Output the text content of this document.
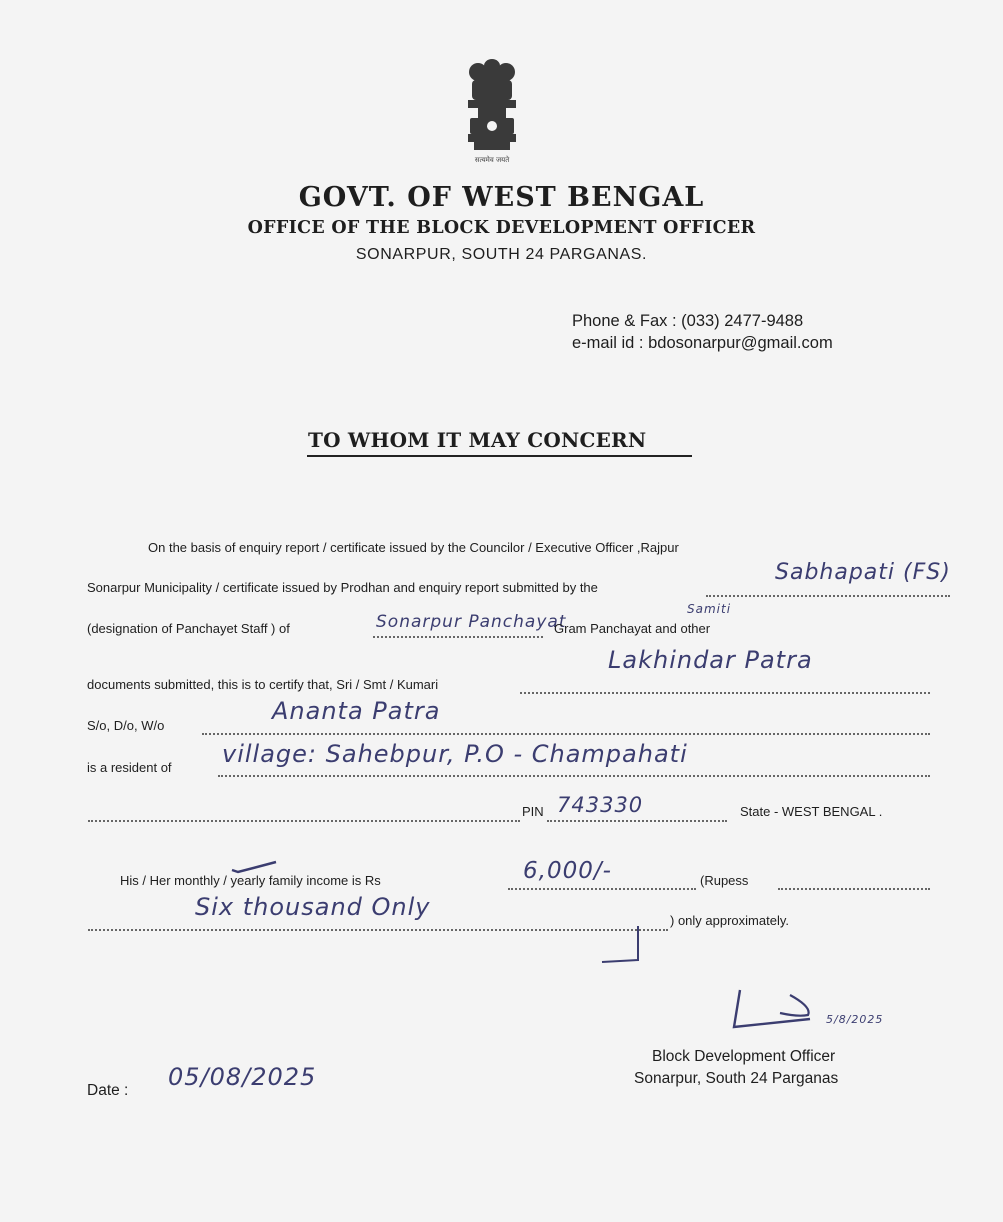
सत्यमेव जयते
GOVT. OF WEST BENGAL
OFFICE OF THE BLOCK DEVELOPMENT OFFICER
SONARPUR, SOUTH 24 PARGANAS.
Phone & Fax : (033) 2477-9488
e-mail id : bdosonarpur@gmail.com
TO WHOM IT MAY CONCERN
On the basis of enquiry report / certificate issued by the Councilor / Executive Officer ,Rajpur
Sonarpur Municipality / certificate issued by Prodhan and enquiry report submitted by the
Sabhapati (FS)
(designation of Panchayet Staff ) of	Sonarpur Panchayat
Samiti
Gram Panchayat and other
documents submitted, this is to certify that, Sri / Smt / Kumari
Lakhindar Patra
S/o, D/o, W/o
Ananta Patra
is a resident of village: Sahebpur, P.O - Champahati
PIN 743330	State - WEST BENGAL .
His / Her monthly / yearly family income is Rs	6,000/-	(Rupess
Six thousand Only	) only approximately.
5/8/2025
Block Development Officer
Sonarpur, South 24 Parganas
Date : 05/08/2025
